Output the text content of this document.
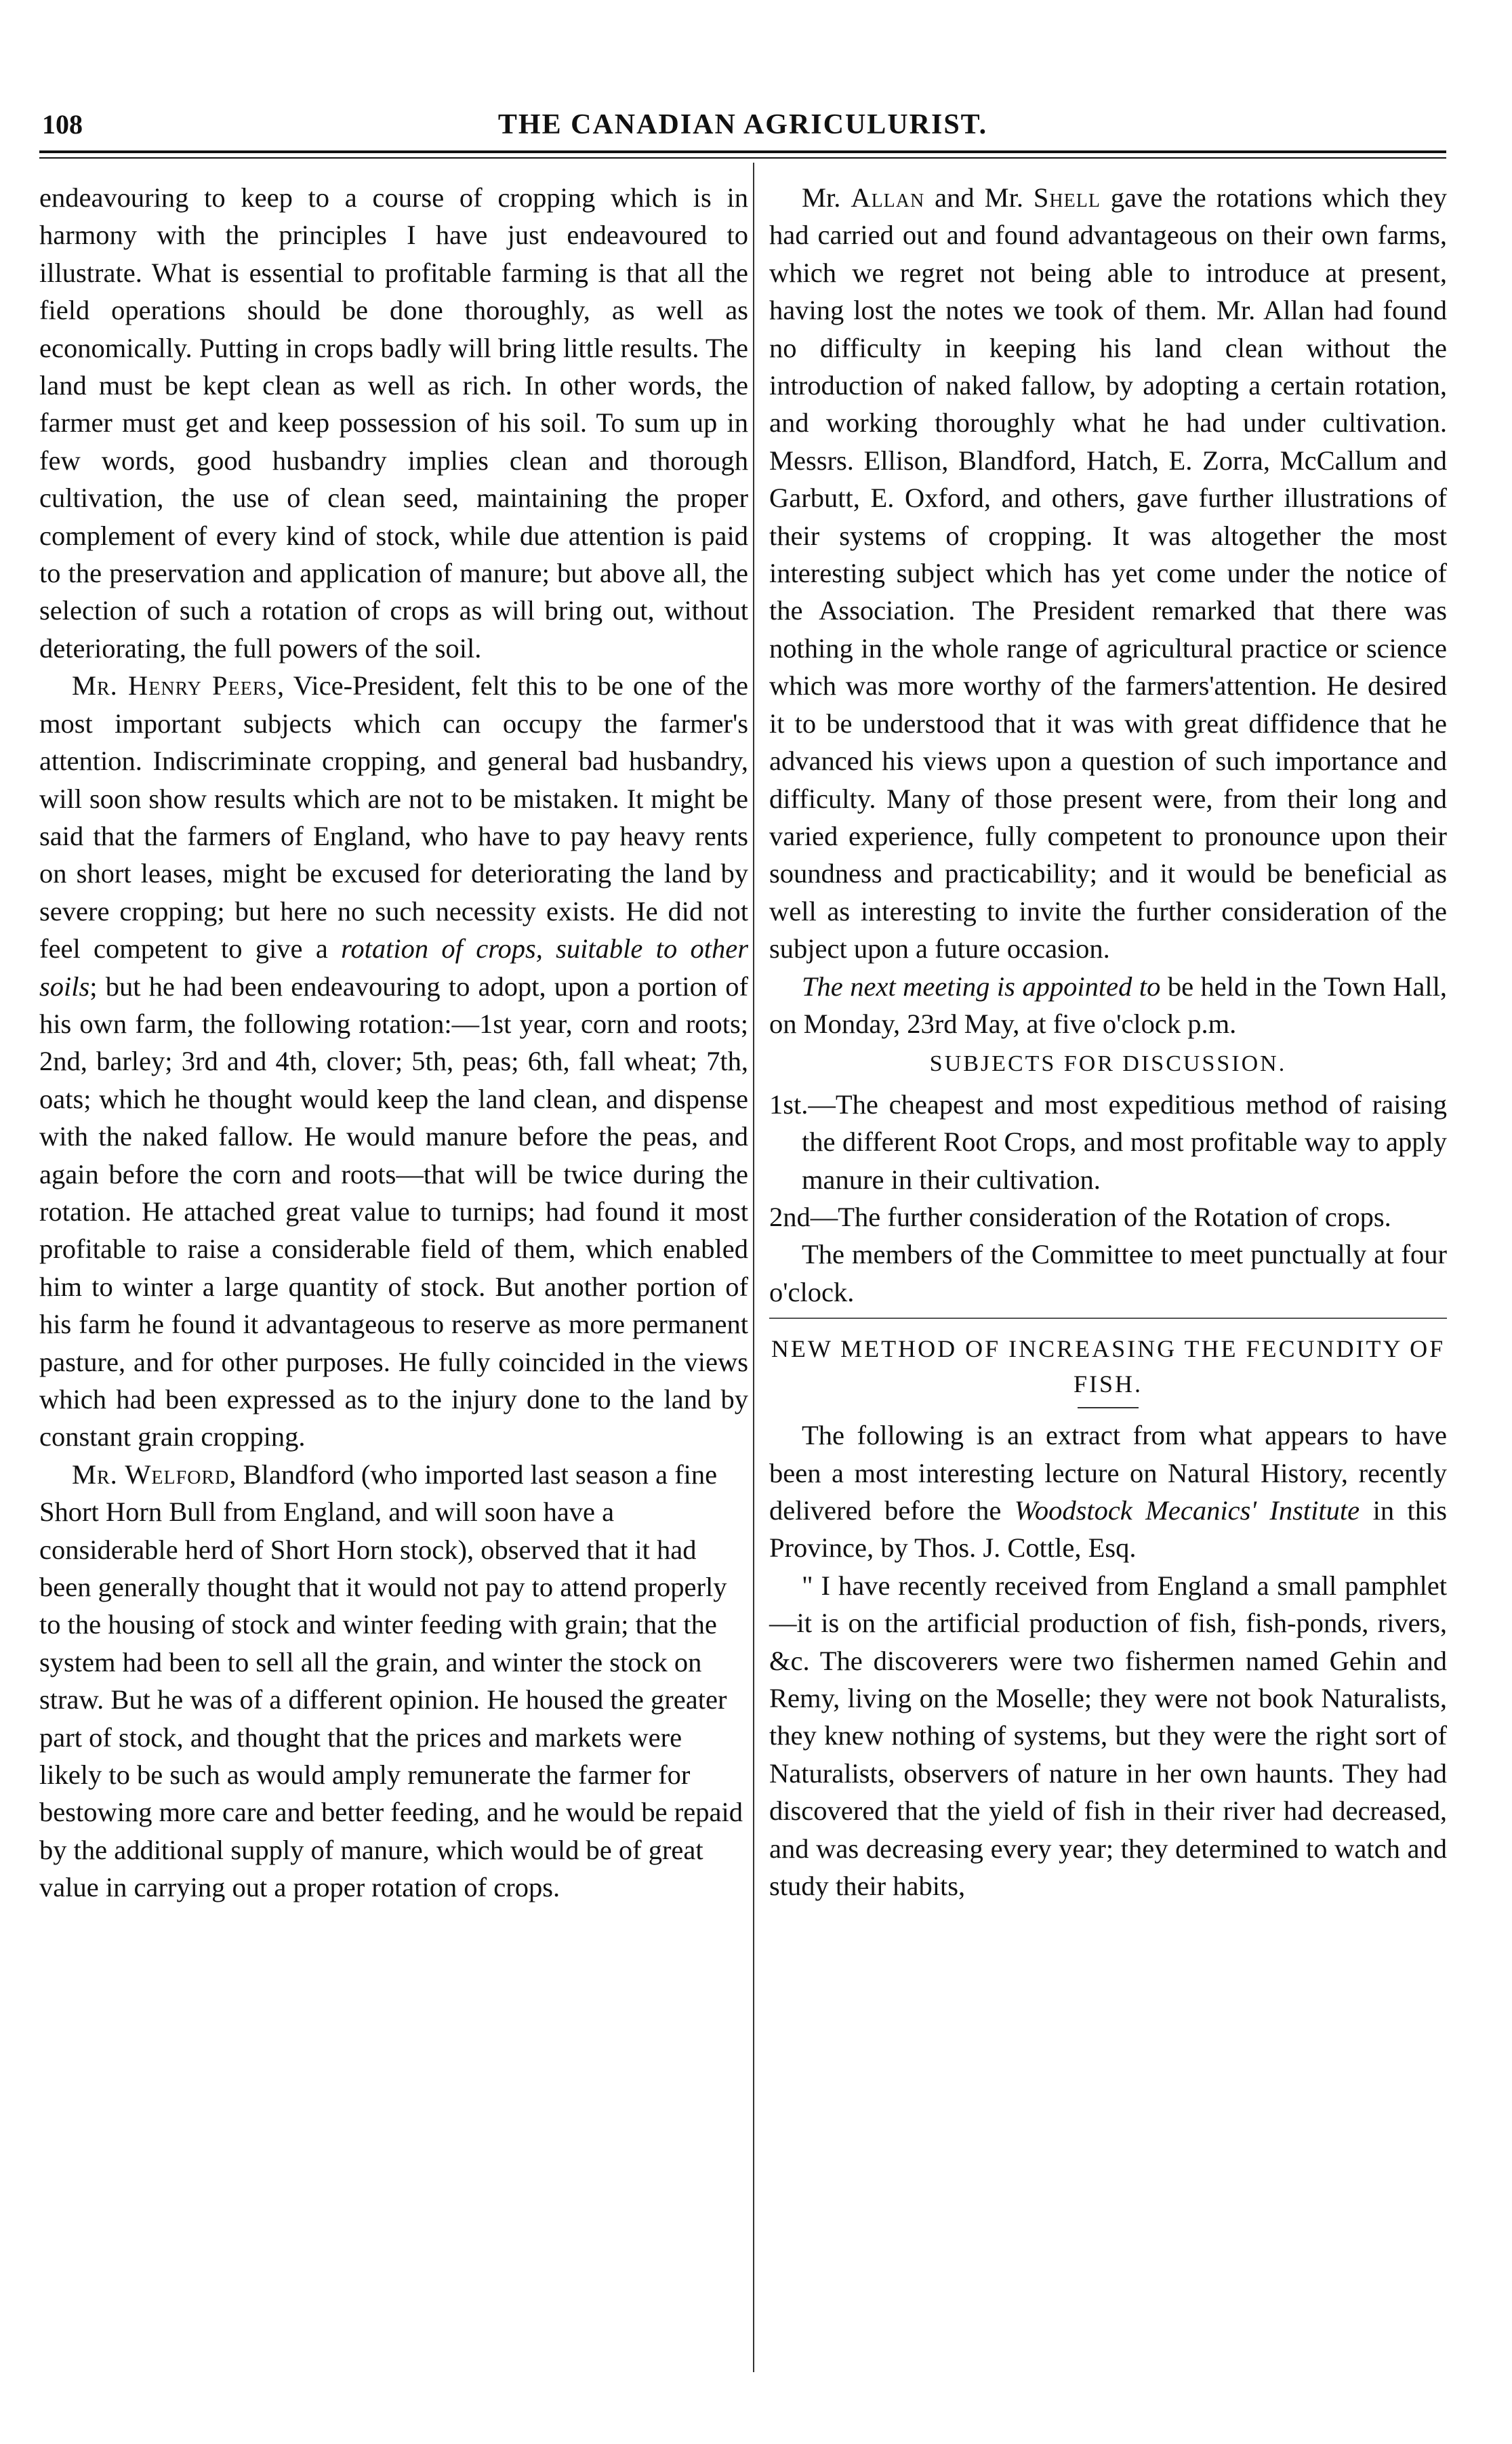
108	THE CANADIAN AGRICULURIST.

endeavouring to keep to a course of cropping which is in harmony with the principles I have just endeavoured to illustrate. What is essential to profitable farming is that all the field operations should be done thoroughly, as well as economically. Putting in crops badly will bring little results. The land must be kept clean as well as rich. In other words, the farmer must get and keep possession of his soil. To sum up in few words, good husbandry implies clean and thorough cultivation, the use of clean seed, maintaining the proper complement of every kind of stock, while due attention is paid to the preservation and application of manure; but above all, the selection of such a rotation of crops as will bring out, without deteriorating, the full powers of the soil.

Mr. Henry Peers, Vice-President, felt this to be one of the most important subjects which can occupy the farmer's attention. Indiscriminate cropping, and general bad husbandry, will soon show results which are not to be mistaken. It might be said that the farmers of England, who have to pay heavy rents on short leases, might be excused for deteriorating the land by severe cropping; but here no such necessity exists. He did not feel competent to give a rotation of crops, suitable to other soils; but he had been endeavouring to adopt, upon a portion of his own farm, the following rotation:—1st year, corn and roots; 2nd, barley; 3rd and 4th, clover; 5th, peas; 6th, fall wheat; 7th, oats; which he thought would keep the land clean, and dispense with the naked fallow. He would manure before the peas, and again before the corn and roots—that will be twice during the rotation. He attached great value to turnips; had found it most profitable to raise a considerable field of them, which enabled him to winter a large quantity of stock. But another portion of his farm he found it advantageous to reserve as more permanent pasture, and for other purposes. He fully coincided in the views which had been expressed as to the injury done to the land by constant grain cropping.

Mr. Welford, Blandford (who imported last season a fine Short Horn Bull from England, and will soon have a considerable herd of Short Horn stock), observed that it had been generally thought that it would not pay to attend properly to the housing of stock and winter feeding with grain; that the system had been to sell all the grain, and winter the stock on straw. But he was of a different opinion. He housed the greater part of stock, and thought that the prices and markets were likely to be such as would amply remunerate the farmer for bestowing more care and better feeding, and he would be repaid by the additional supply of manure, which would be of great value in carrying out a proper rotation of crops.

Mr. Allan and Mr. Shell gave the rotations which they had carried out and found advantageous on their own farms, which we regret not being able to introduce at present, having lost the notes we took of them. Mr. Allan had found no difficulty in keeping his land clean without the introduction of naked fallow, by adopting a certain rotation, and working thoroughly what he had under cultivation. Messrs. Ellison, Blandford, Hatch, E. Zorra, McCallum and Garbutt, E. Oxford, and others, gave further illustrations of their systems of cropping. It was altogether the most interesting subject which has yet come under the notice of the Association. The President remarked that there was nothing in the whole range of agricultural practice or science which was more worthy of the farmers'attention. He desired it to be understood that it was with great diffidence that he advanced his views upon a question of such importance and difficulty. Many of those present were, from their long and varied experience, fully competent to pronounce upon their soundness and practicability; and it would be beneficial as well as interesting to invite the further consideration of the subject upon a future occasion.

The next meeting is appointed to be held in the Town Hall, on Monday, 23rd May, at five o'clock p.m.

SUBJECTS FOR DISCUSSION.

1st.—The cheapest and most expeditious method of raising the different Root Crops, and most profitable way to apply manure in their cultivation.

2nd—The further consideration of the Rotation of crops.

The members of the Committee to meet punctually at four o'clock.

NEW METHOD OF INCREASING THE FECUNDITY OF FISH.

The following is an extract from what appears to have been a most interesting lecture on Natural History, recently delivered before the Woodstock Mecanics' Institute in this Province, by Thos. J. Cottle, Esq.

" I have recently received from England a small pamphlet—it is on the artificial production of fish, fish-ponds, rivers, &c. The discoverers were two fishermen named Gehin and Remy, living on the Moselle; they were not book Naturalists, they knew nothing of systems, but they were the right sort of Naturalists, observers of nature in her own haunts. They had discovered that the yield of fish in their river had decreased, and was decreasing every year; they determined to watch and study their habits,
